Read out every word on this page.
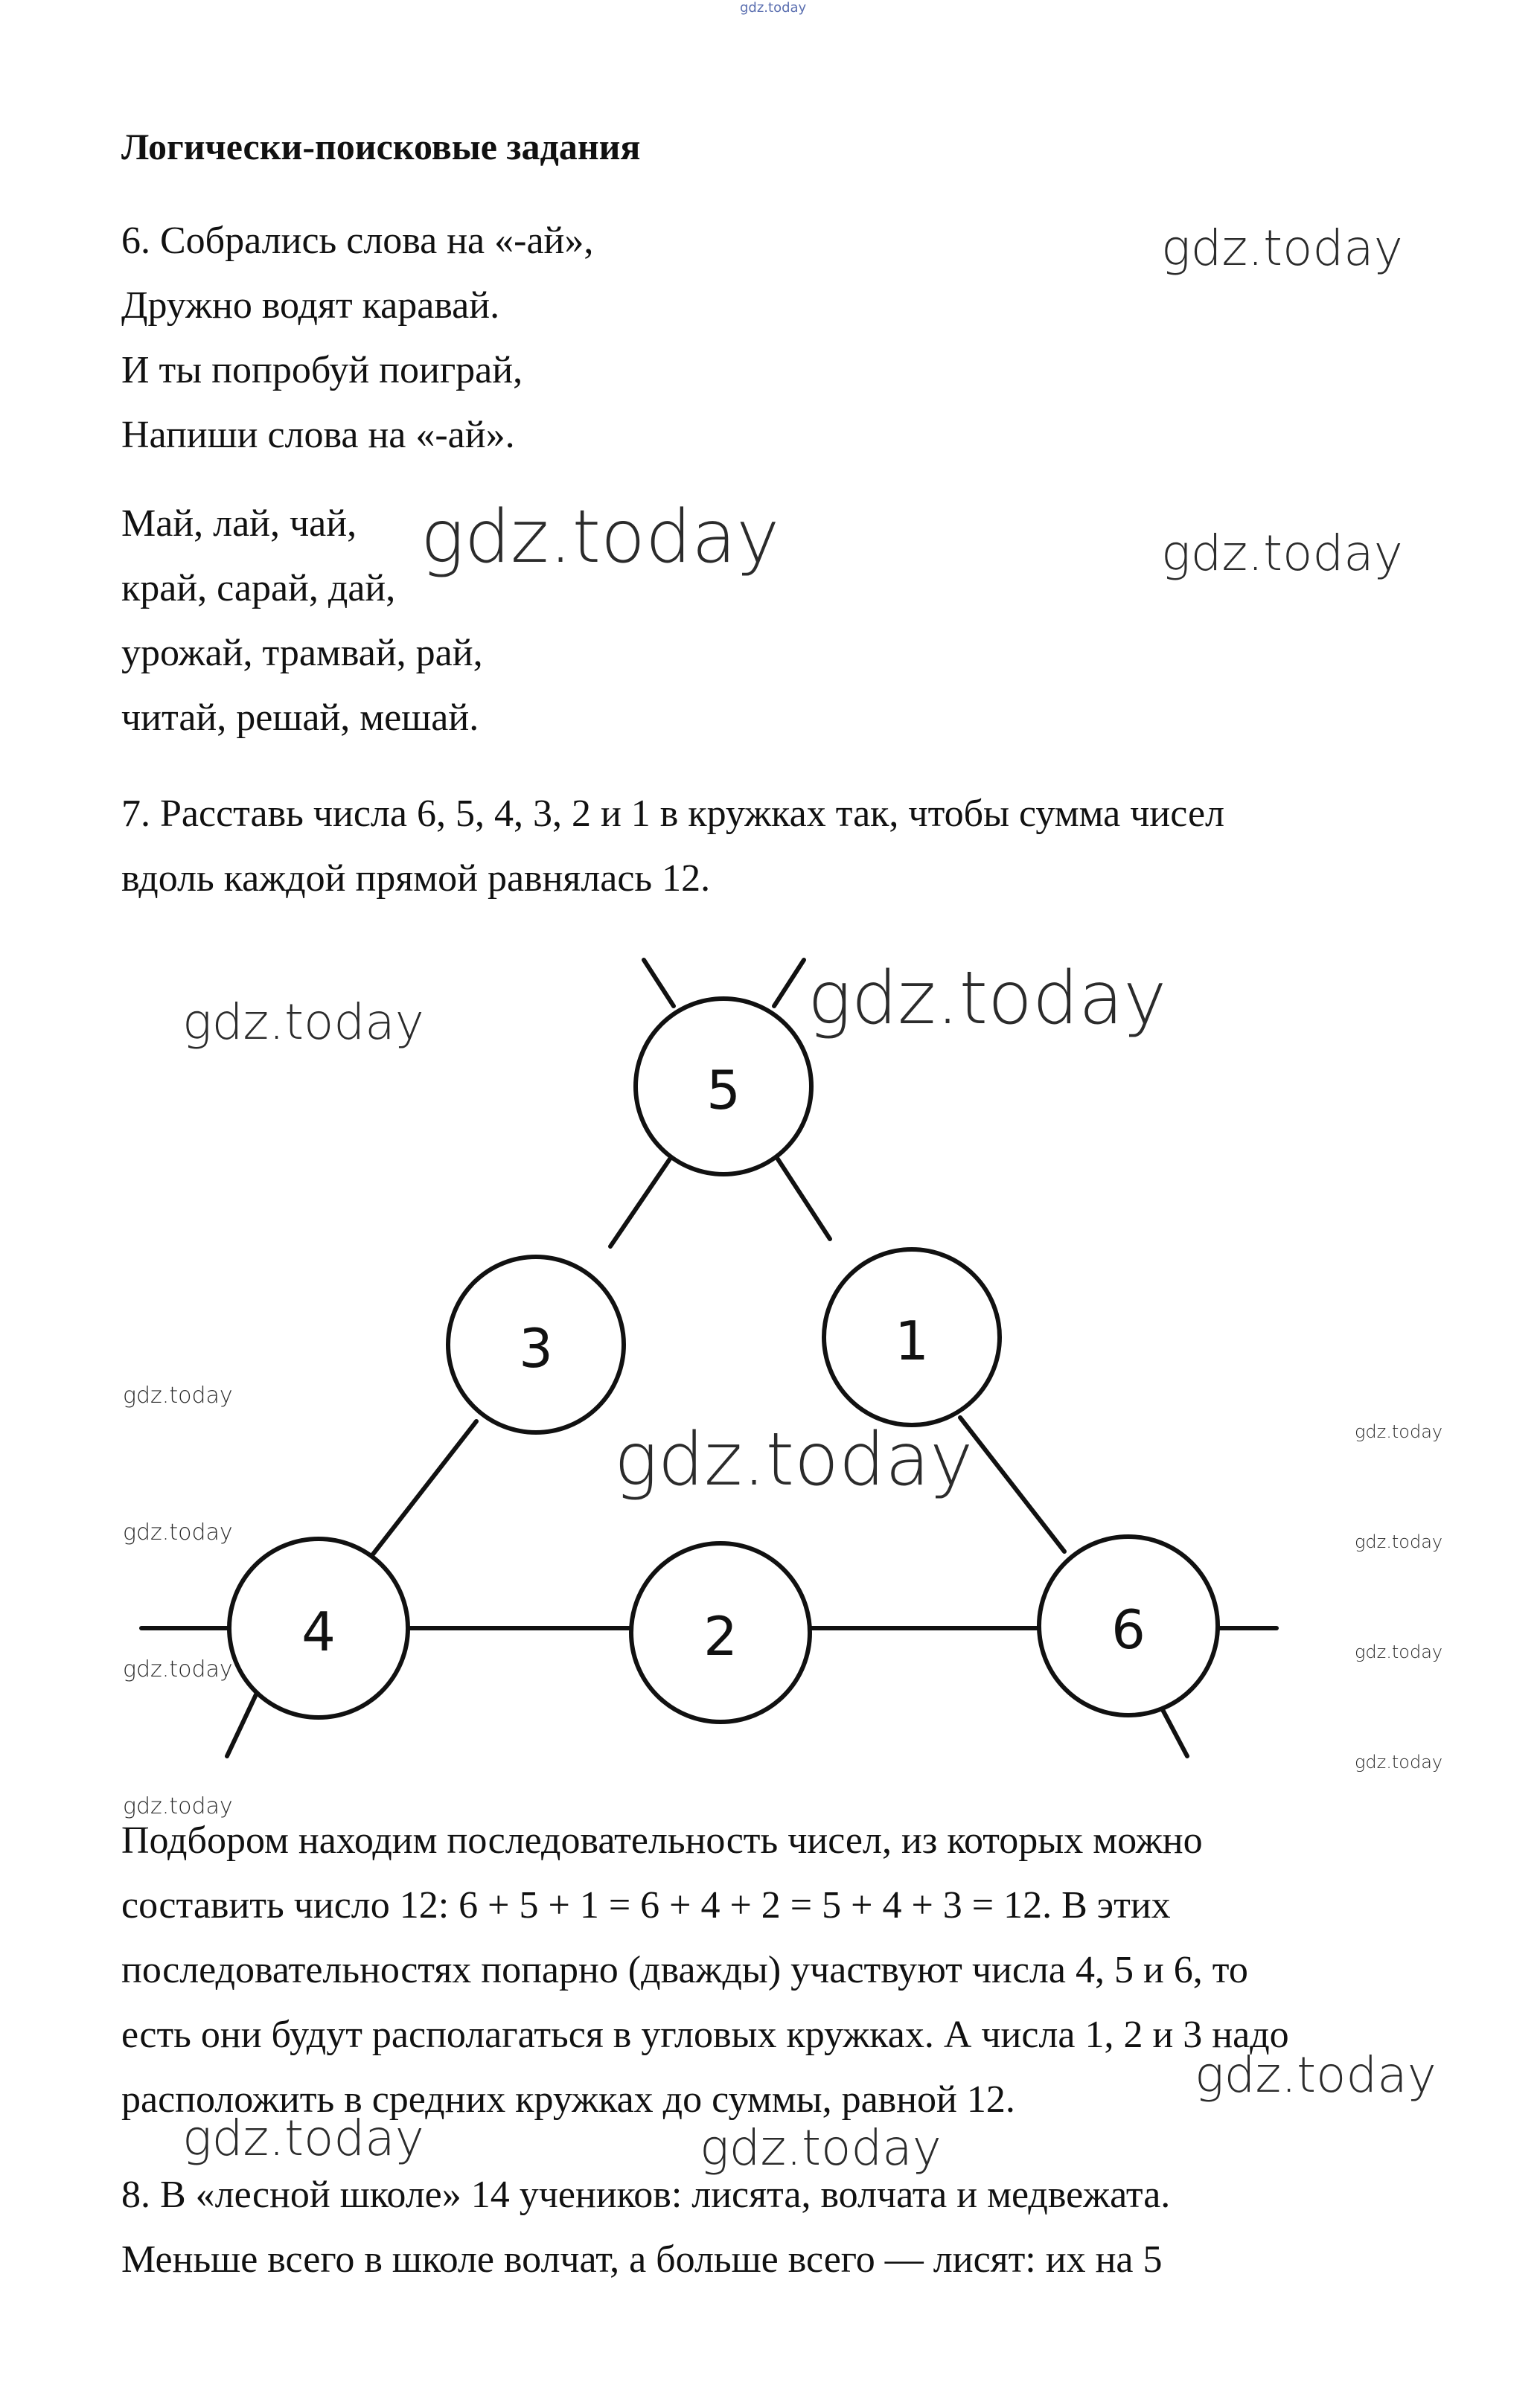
gdz.today
Логически-поисковые задания
6. Собрались слова на «-ай»,
Дружно водят каравай.
И ты попробуй поиграй,
Напиши слова на «-ай».
Май, лай, чай,
край, сарай, дай,
урожай, трамвай, рай,
читай, решай, мешай.
7. Расставь числа 6, 5, 4, 3, 2 и 1 в кружках так, чтобы сумма чисел
вдоль каждой прямой равнялась 12.
5
3	1
4	2	6
Подбором находим последовательность чисел, из которых можно
составить число 12: 6 + 5 + 1 = 6 + 4 + 2 = 5 + 4 + 3 = 12. В этих
последовательностях попарно (дважды) участвуют числа 4, 5 и 6, то
есть они будут располагаться в угловых кружках. А числа 1, 2 и 3 надо
расположить в средних кружках до суммы, равной 12.
8. В «лесной школе» 14 учеников: лисята, волчата и медвежата.
Меньше всего в школе волчат, а больше всего — лисят: их на 5
gdz.today
gdz.today	gdz.today
gdz.today	gdz.today
gdz.today
gdz.today	gdz.today
gdz.today	gdz.today
gdz.today
gdz.today
gdz.today
gdz.today
gdz.today
gdz.today	gdz.today
